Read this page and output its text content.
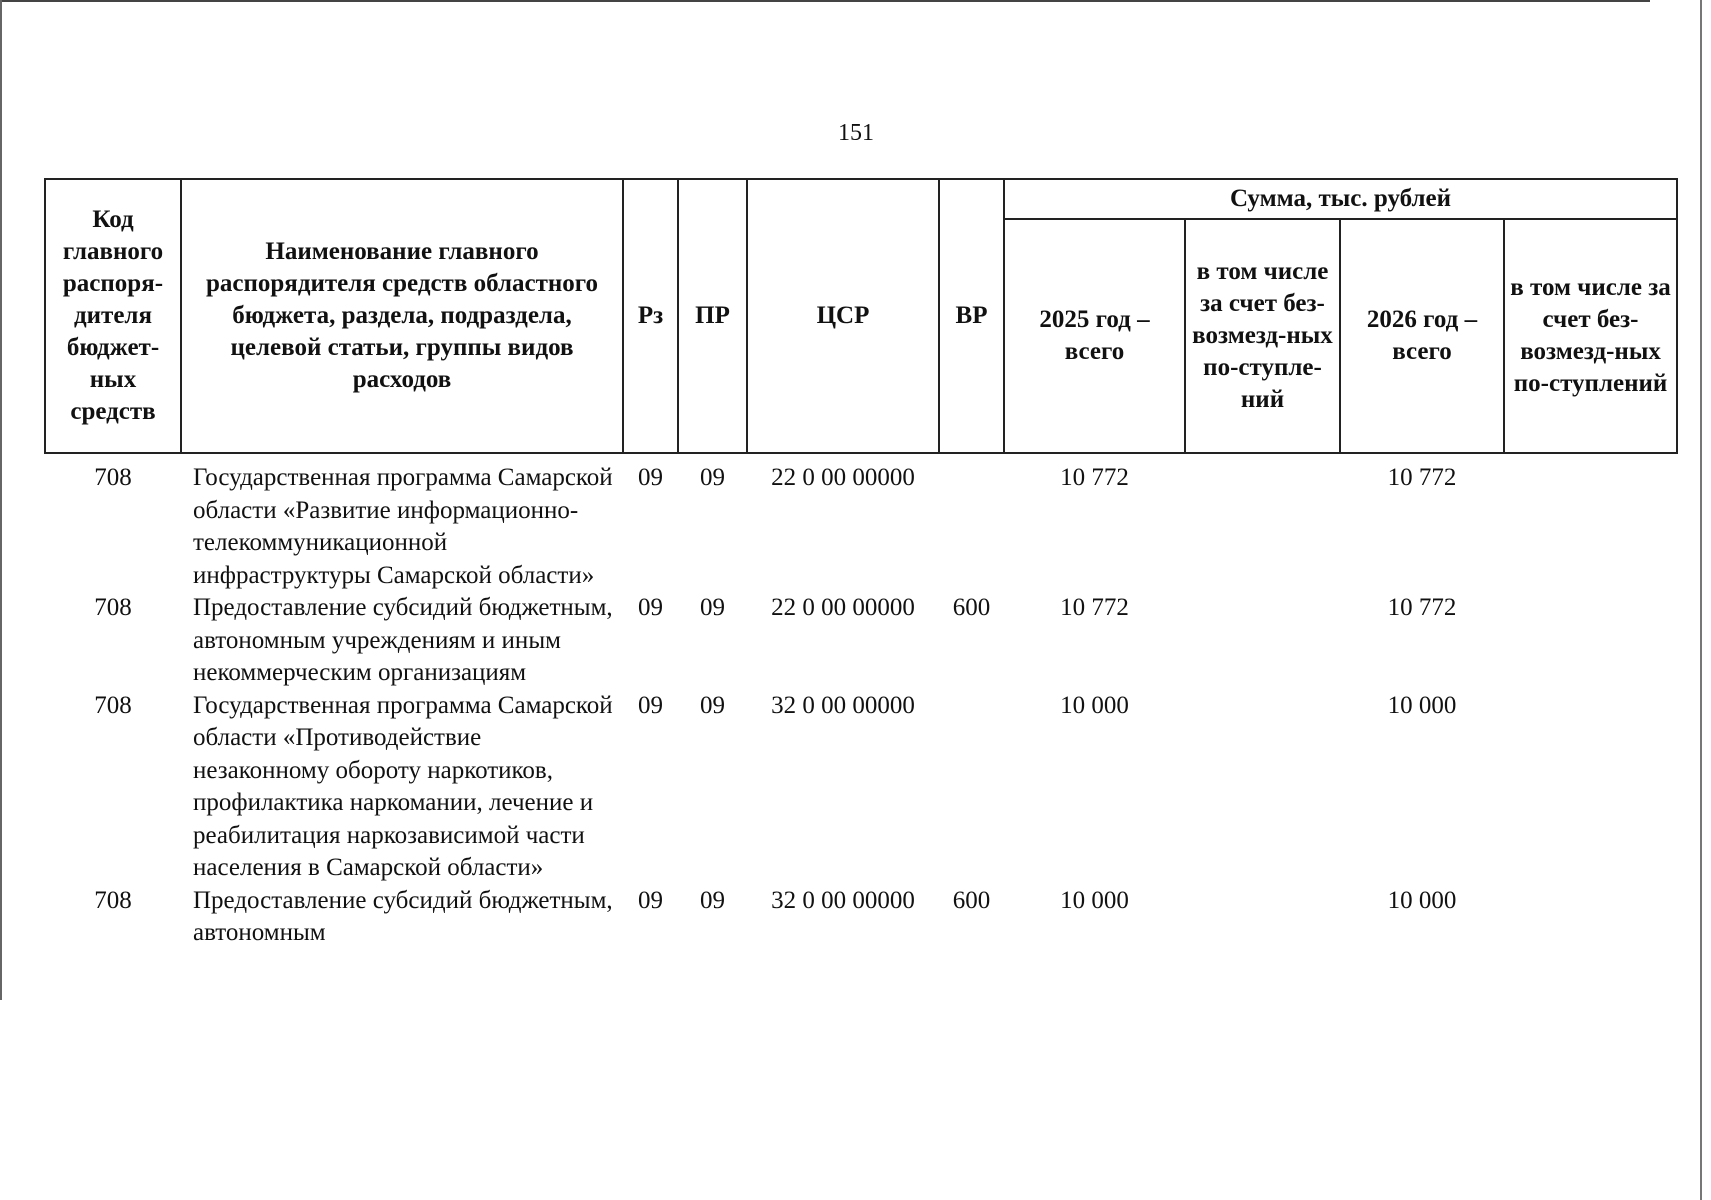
151
Код главного распоря-дителя бюджет-ных средств	Наименование главного распорядителя средств областного бюджета, раздела, подраздела, целевой статьи, группы видов расходов	Рз	ПР	ЦСР	ВР	Сумма, тыс. рублей			
						2025 год – всего	в том числе за счет без-возмезд-ных по-ступле-ний	2026 год – всего	в том числе за счет без-возмезд-ных по-ступлений
708	Государственная программа Самарской области «Развитие информационно-телекоммуникационной инфраструктуры Самарской области»	09	09	22 0 00 00000		10 772		10 772	
708	Предоставление субсидий бюджетным, автономным учреждениям и иным некоммерческим организациям	09	09	22 0 00 00000	600	10 772		10 772	
708	Государственная программа Самарской области «Противодействие незаконному обороту наркотиков, профилактика наркомании, лечение и реабилитация наркозависимой части населения в Самарской области»	09	09	32 0 00 00000		10 000		10 000	
708	Предоставление субсидий бюджетным, автономным	09	09	32 0 00 00000	600	10 000		10 000	
